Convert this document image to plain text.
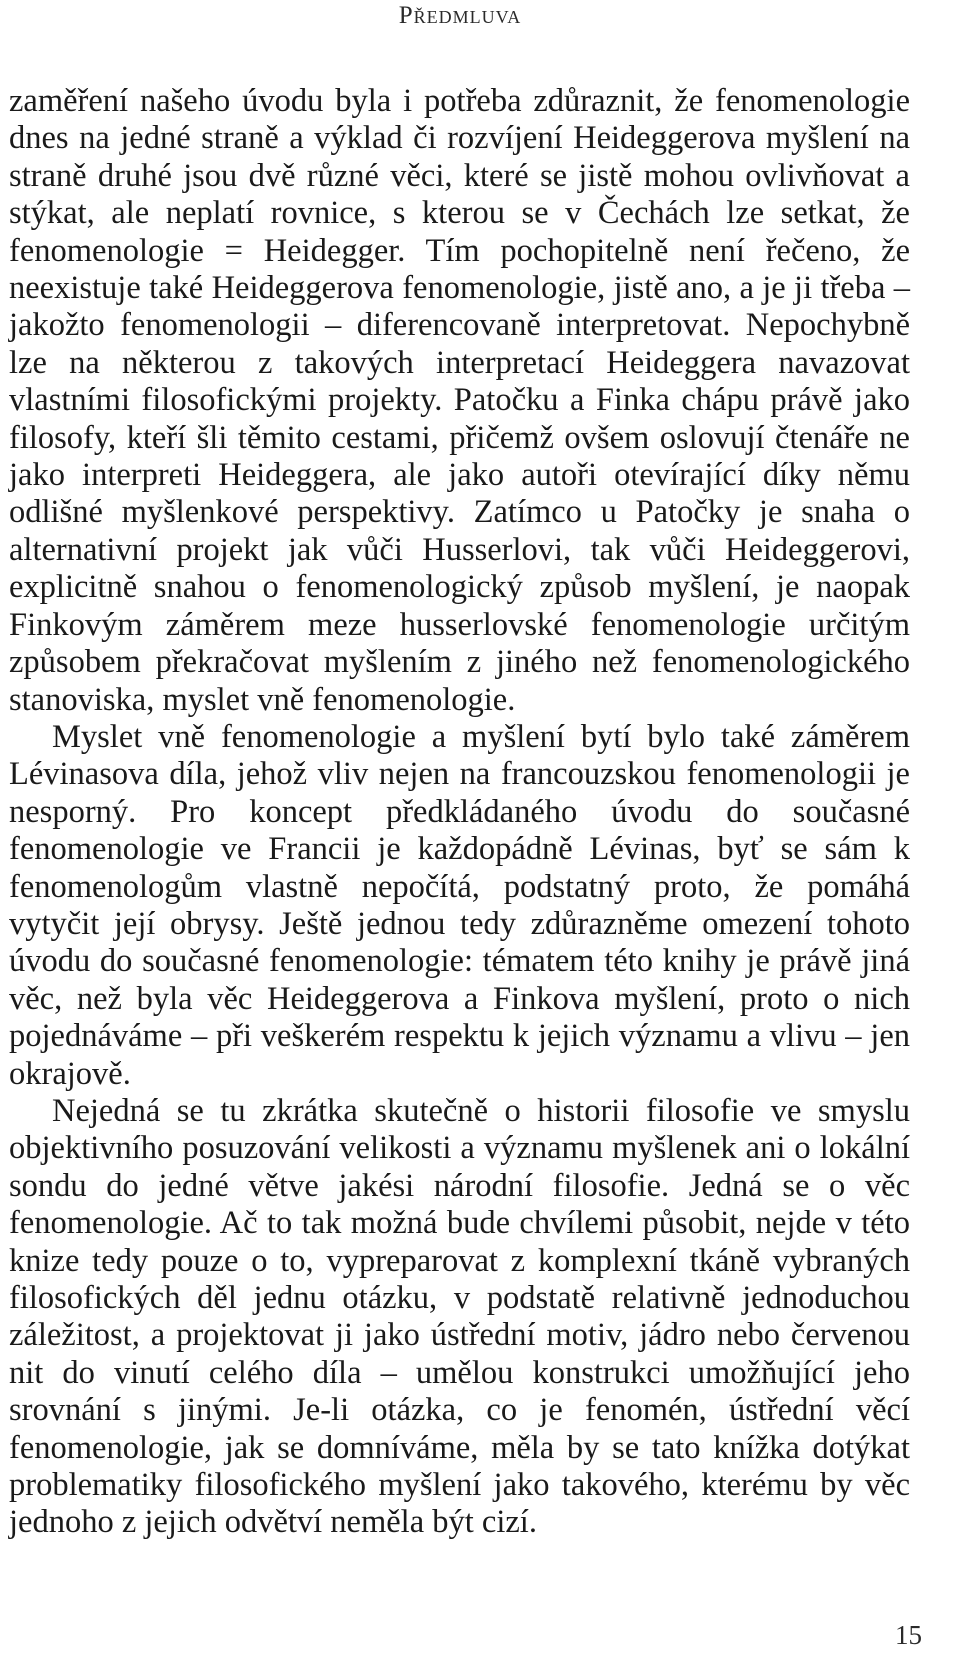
Předmluva

zaměření našeho úvodu byla i potřeba zdůraznit, že fenomenologie dnes na jedné straně a výklad či rozvíjení Heideggerova myšlení na straně druhé jsou dvě různé věci, které se jistě mohou ovlivňovat a stýkat, ale neplatí rovnice, s kterou se v Čechách lze setkat, že fenomenologie = Heidegger. Tím pochopitelně není řečeno, že neexistuje také Heideggerova fenomenologie, jistě ano, a je ji třeba – jakožto fenomenologii – diferencovaně interpretovat. Nepochybně lze na některou z takových interpretací Heideggera navazovat vlastními filosofickými projekty. Patočku a Finka chápu právě jako filosofy, kteří šli těmito cestami, přičemž ovšem oslovují čtenáře ne jako interpreti Heideggera, ale jako autoři otevírající díky němu odlišné myšlenkové perspektivy. Zatímco u Patočky je snaha o alternativní projekt jak vůči Husserlovi, tak vůči Heideggerovi, explicitně snahou o fenomenologický způsob myšlení, je naopak Finkovým záměrem meze husserlovské fenomenologie určitým způsobem překračovat myšlením z jiného než fenomenologického stanoviska, myslet vně fenomenologie.

Myslet vně fenomenologie a myšlení bytí bylo také záměrem Lévinasova díla, jehož vliv nejen na francouzskou fenomenologii je nesporný. Pro koncept předkládaného úvodu do současné fenomenologie ve Francii je každopádně Lévinas, byť se sám k fenomenologům vlastně nepočítá, podstatný proto, že pomáhá vytyčit její obrysy. Ještě jednou tedy zdůrazněme omezení tohoto úvodu do současné fenomenologie: tématem této knihy je právě jiná věc, než byla věc Heideggerova a Finkova myšlení, proto o nich pojednáváme – při veškerém respektu k jejich významu a vlivu – jen okrajově.

Nejedná se tu zkrátka skutečně o historii filosofie ve smyslu objektivního posuzování velikosti a významu myšlenek ani o lokální sondu do jedné větve jakési národní filosofie. Jedná se o věc fenomenologie. Ač to tak možná bude chvílemi působit, nejde v této knize tedy pouze o to, vypreparovat z komplexní tkáně vybraných filosofických děl jednu otázku, v podstatě relativně jednoduchou záležitost, a projektovat ji jako ústřední motiv, jádro nebo červenou nit do vinutí celého díla – umělou konstrukci umožňující jeho srovnání s jinými. Je-li otázka, co je fenomén, ústřední věcí fenomenologie, jak se domníváme, měla by se tato knížka dotýkat problematiky filosofického myšlení jako takového, kterému by věc jednoho z jejich odvětví neměla být cizí.

15
